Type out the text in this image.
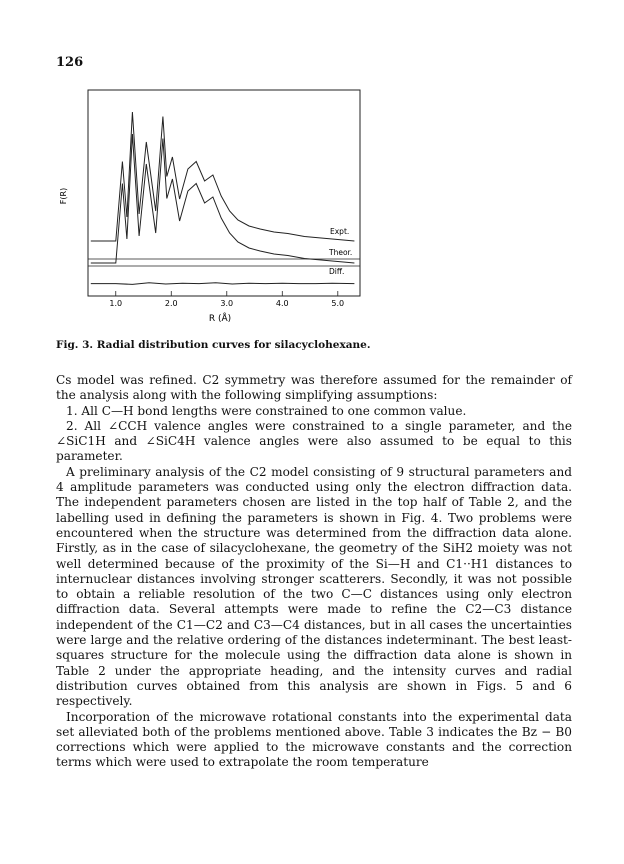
126
1.0	2.0	3.0	4.0	5.0
F(R)
R (Å)
Expt.
Theor.
Diff.
Fig. 3. Radial distribution curves for silacyclohexane.

Cs model was refined. C2 symmetry was therefore assumed for the remainder of the analysis along with the following simplifying assumptions:

1. All C—H bond lengths were constrained to one common value.

2. All ∠CCH valence angles were constrained to a single parameter, and the ∠SiC1H and ∠SiC4H valence angles were also assumed to be equal to this parameter.

A preliminary analysis of the C2 model consisting of 9 structural parameters and 4 amplitude parameters was conducted using only the electron diffraction data. The independent parameters chosen are listed in the top half of Table 2, and the labelling used in defining the parameters is shown in Fig. 4. Two problems were encountered when the structure was determined from the diffraction data alone. Firstly, as in the case of silacyclohexane, the geometry of the SiH2 moiety was not well determined because of the proximity of the Si—H and C1··H1 distances to internuclear distances involving stronger scatterers. Secondly, it was not possible to obtain a reliable resolution of the two C—C distances using only electron diffraction data. Several attempts were made to refine the C2—C3 distance independent of the C1—C2 and C3—C4 distances, but in all cases the uncertainties were large and the relative ordering of the distances indeterminant. The best least-squares structure for the molecule using the diffraction data alone is shown in Table 2 under the appropriate heading, and the intensity curves and radial distribution curves obtained from this analysis are shown in Figs. 5 and 6 respectively.

Incorporation of the microwave rotational constants into the experimental data set alleviated both of the problems mentioned above. Table 3 indicates the Bz − B0 corrections which were applied to the microwave constants and the correction terms which were used to extrapolate the room temperature
